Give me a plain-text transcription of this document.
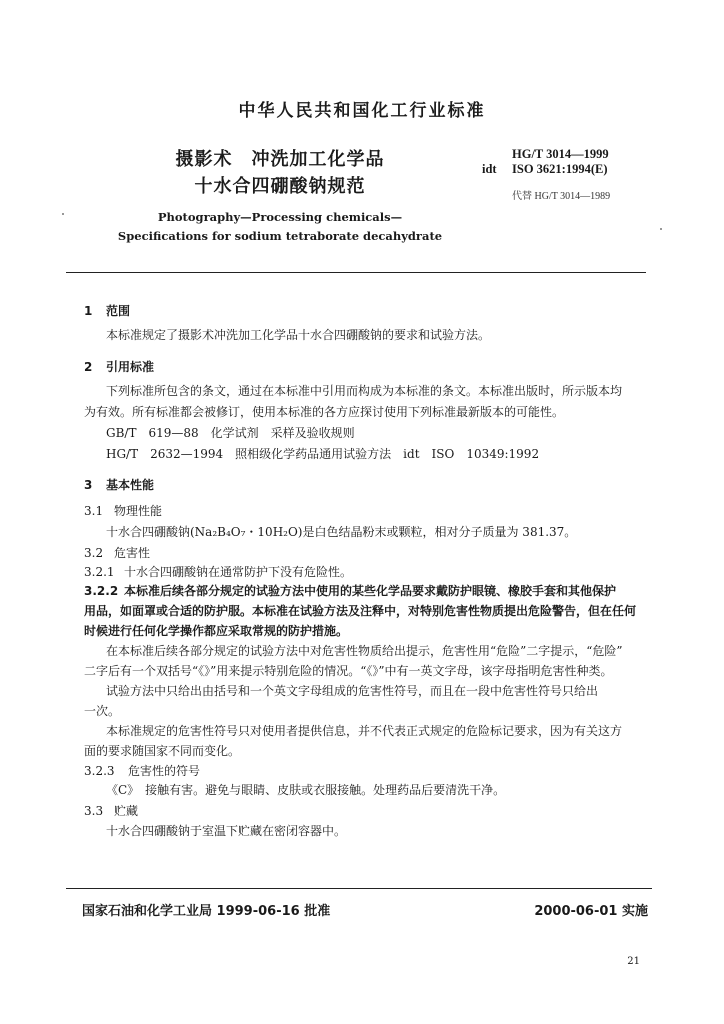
中华人民共和国化工行业标准
摄影术　冲洗加工化学品
十水合四硼酸钠规范
Photography—Processing chemicals—
Specifications for sodium tetraborate decahydrate
HG/T 3014—1999
idt	ISO 3621:1994(E)
代替 HG/T 3014—1989
1 范围
本标准规定了摄影术冲洗加工化学品十水合四硼酸钠的要求和试验方法。
2 引用标准
下列标准所包含的条文，通过在本标准中引用而构成为本标准的条文。本标准出版时，所示版本均
为有效。所有标准都会被修订，使用本标准的各方应探讨使用下列标准最新版本的可能性。
GB/T　619—88　化学试剂　采样及验收规则
HG/T　2632—1994　照相级化学药品通用试验方法　idt　ISO　10349:1992
3 基本性能
3.1 物理性能
十水合四硼酸钠(Na₂B₄O₇・10H₂O)是白色结晶粉末或颗粒，相对分子质量为 381.37。
3.2 危害性
3.2.1 十水合四硼酸钠在通常防护下没有危险性。
3.2.2 本标准后续各部分规定的试验方法中使用的某些化学品要求戴防护眼镜、橡胶手套和其他保护
用品，如面罩或合适的防护服。本标准在试验方法及注释中，对特别危害性物质提出危险警告，但在任何
时候进行任何化学操作都应采取常规的防护措施。
在本标准后续各部分规定的试验方法中对危害性物质给出提示，危害性用“危险”二字提示，“危险”
二字后有一个双括号“《》”用来提示特别危险的情况。“《》”中有一英文字母，该字母指明危害性种类。
试验方法中只给出由括号和一个英文字母组成的危害性符号，而且在一段中危害性符号只给出
一次。
本标准规定的危害性符号只对使用者提供信息，并不代表正式规定的危险标记要求，因为有关这方
面的要求随国家不同而变化。
3.2.3 危害性的符号
《C》　接触有害。避免与眼睛、皮肤或衣服接触。处理药品后要清洗干净。
3.3 贮藏
十水合四硼酸钠于室温下贮藏在密闭容器中。
国家石油和化学工业局 1999-06-16 批准	2000-06-01 实施
21
